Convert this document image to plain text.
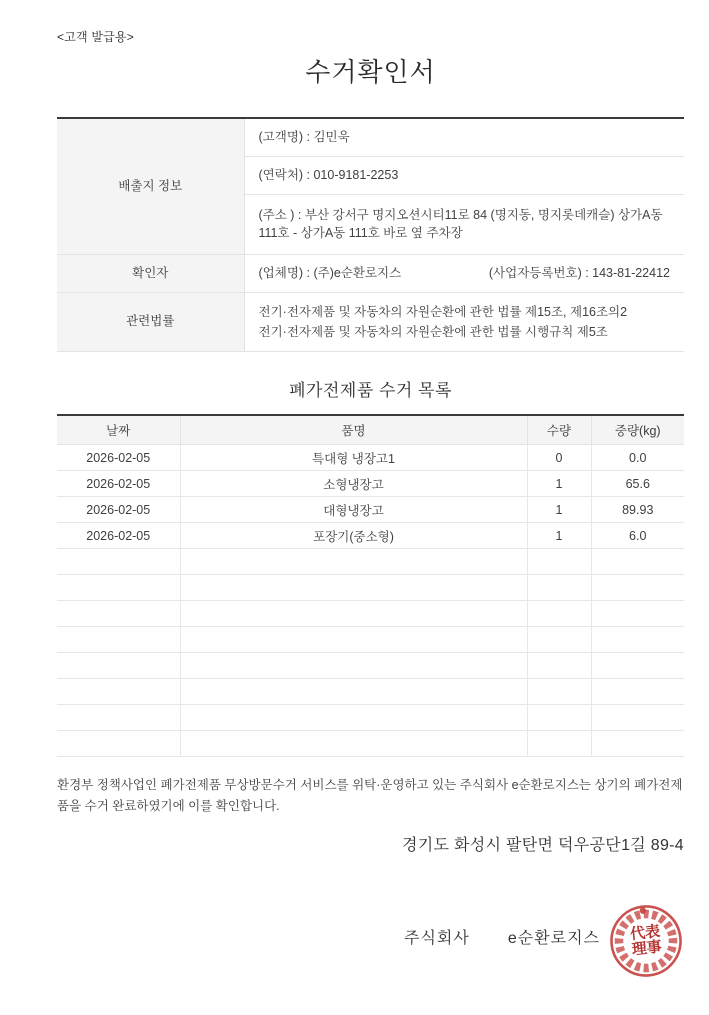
<고객 발급용>
수거확인서
배출지 정보	(고객명) : 김민욱
	(연락처) : 010-9181-2253
	(주소 ) : 부산 강서구 명지오션시티11로 84 (명지동, 명지롯데캐슬) 상가A동 111호 - 상가A동 111호 바로 옆 주차장
확인자	(업체명) : (주)e순환로지스 (사업자등록번호) : 143-81-22412

관련법률	전기·전자제품 및 자동차의 자원순환에 관한 법률 제15조, 제16조의2
전기·전자제품 및 자동차의 자원순환에 관한 법률 시행규칙 제5조
폐가전제품 수거 목록
날짜	품명	수량	중량(kg)
2026-02-05	특대형 냉장고1	0	0.0
2026-02-05	소형냉장고	1	65.6
2026-02-05	대형냉장고	1	89.93
2026-02-05	포장기(중소형)	1	6.0

환경부 정책사업인 폐가전제품 무상방문수거 서비스를 위탁·운영하고 있는 주식회사 e순환로지스는 상기의 폐가전제품을 수거 완료하였기에 이를 확인합니다.

경기도 화성시 팔탄면 덕우공단1길 89-4
주식회사 e순환로지스 代表
理事
